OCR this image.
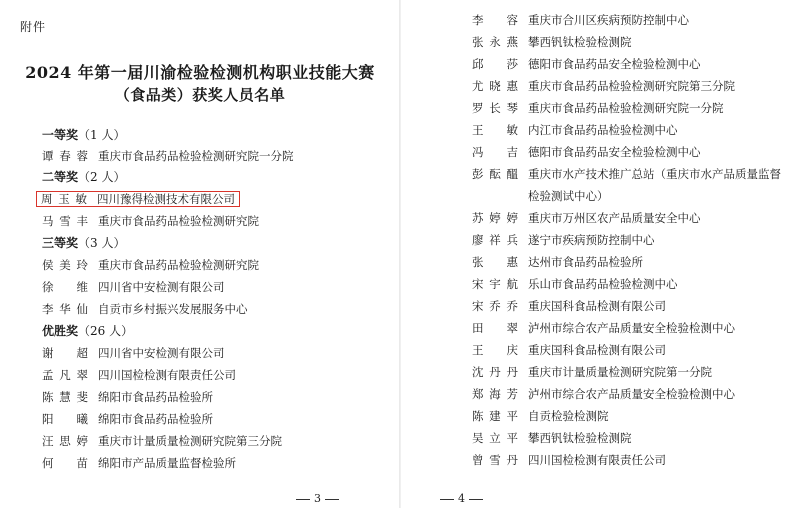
附件
2024 年第一届川渝检验检测机构职业技能大赛
（食品类）获奖人员名单
一等奖（1 人）
谭春蓉 重庆市食品药品检验检测研究院一分院
二等奖（2 人）
周玉敏 四川豫得检测技术有限公司
马雪丰 重庆市食品药品检验检测研究院
三等奖（3 人）
侯美玲 重庆市食品药品检验检测研究院
徐　维 四川省中安检测有限公司
李华仙 自贡市乡村振兴发展服务中心
优胜奖（26 人）
谢　超 四川省中安检测有限公司
孟凡翠 四川国检检测有限责任公司
陈慧斐 绵阳市食品药品检验所
阳　曦 绵阳市食品药品检验所
汪思婷 重庆市计量质量检测研究院第三分院
何　苗 绵阳市产品质量监督检验所
3
李　容 重庆市合川区疾病预防控制中心
张永燕 攀西钒钛检验检测院
邱　莎 德阳市食品药品安全检验检测中心
尤晓惠 重庆市食品药品检验检测研究院第三分院
罗长琴 重庆市食品药品检验检测研究院一分院
王　敏 内江市食品药品检验检测中心
冯　吉 德阳市食品药品安全检验检测中心
彭酝醞 重庆市水产技术推广总站（重庆市水产品质量监督
检验测试中心）
苏婷婷 重庆市万州区农产品质量安全中心
廖祥兵 遂宁市疾病预防控制中心
张　惠 达州市食品药品检验所
宋宇航 乐山市食品药品检验检测中心
宋乔乔 重庆国科食品检测有限公司
田　翠 泸州市综合农产品质量安全检验检测中心
王　庆 重庆国科食品检测有限公司
沈丹丹 重庆市计量质量检测研究院第一分院
郑海芳 泸州市综合农产品质量安全检验检测中心
陈建平 自贡检验检测院
吴立平 攀西钒钛检验检测院
曾雪丹 四川国检检测有限责任公司
4
